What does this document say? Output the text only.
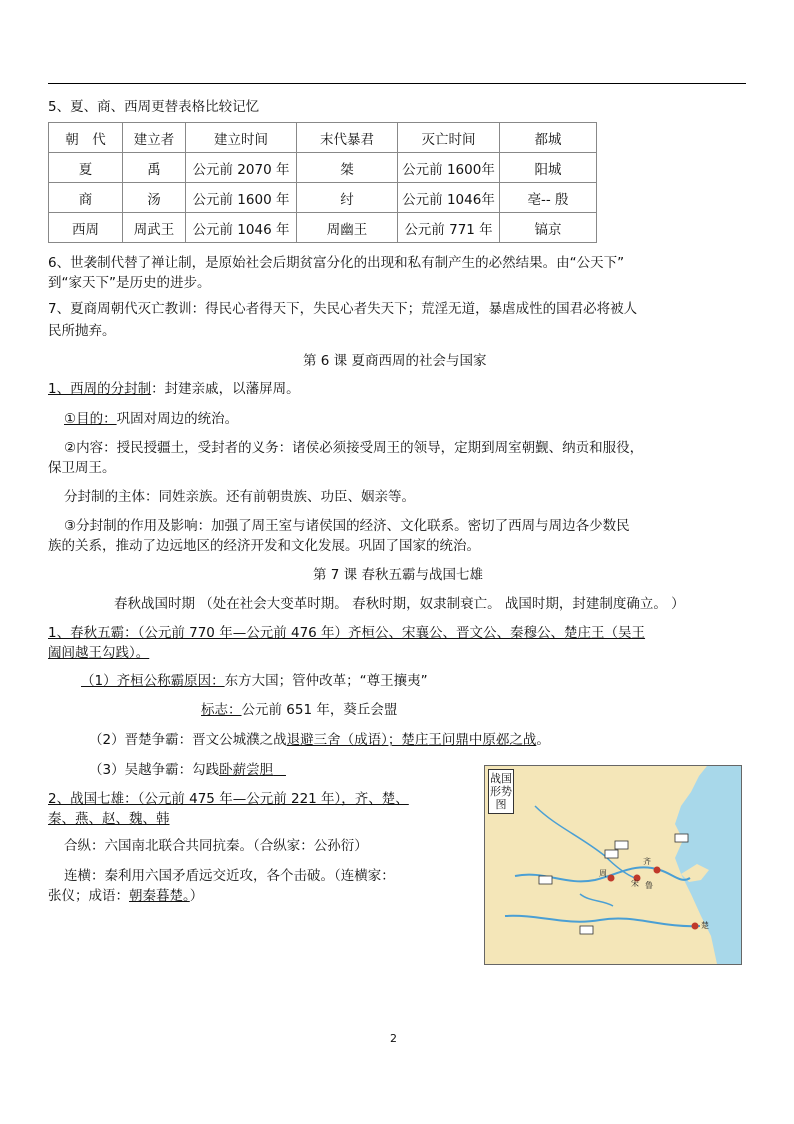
5、夏、商、西周更替表格比较记忆
朝　代	建立者	建立时间	末代暴君	灭亡时间	都城
夏	禹	公元前 2070 年	桀	公元前 1600年	阳城
商	汤	公元前 1600 年	纣	公元前 1046年	亳-- 殷
西周	周武王	公元前 1046 年	周幽王	公元前 771 年	镐京
6、世袭制代替了禅让制，是原始社会后期贫富分化的出现和私有制产生的必然结果。由“公天下”
到“家天下”是历史的进步。
7、夏商周朝代灭亡教训：得民心者得天下，失民心者失天下；荒淫无道，暴虐成性的国君必将被人
民所抛弃。
第 6 课 夏商西周的社会与国家
1、西周的分封制：封建亲戚，以藩屏周。
①目的：巩固对周边的统治。
②内容：授民授疆土，受封者的义务：诸侯必须接受周王的领导，定期到周室朝觐、纳贡和服役，
保卫周王。
分封制的主体：同姓亲族。还有前朝贵族、功臣、姻亲等。
③分封制的作用及影响：加强了周王室与诸侯国的经济、文化联系。密切了西周与周边各少数民
族的关系，推动了边远地区的经济开发和文化发展。巩固了国家的统治。
第 7 课 春秋五霸与战国七雄
春秋战国时期 （处在社会大变革时期。 春秋时期，奴隶制衰亡。 战国时期，封建制度确立。 ）
1、春秋五霸：（公元前 770 年—公元前 476 年）齐桓公、宋襄公、晋文公、秦穆公、楚庄王（吴王
阖闾越王勾践）。
（1）齐桓公称霸原因：东方大国；管仲改革；“尊王攘夷”
标志：公元前 651 年，葵丘会盟
（2）晋楚争霸：晋文公城濮之战退避三舍（成语）；楚庄王问鼎中原邲之战。
（3）吴越争霸：勾践卧薪尝胆
2、战国七雄：（公元前 475 年—公元前 221 年），齐、楚、
秦、燕、赵、魏、韩
合纵：六国南北联合共同抗秦。（合纵家：公孙衍）
连横：秦利用六国矛盾远交近攻，各个击破。（连横家：
张仪；成语：朝秦暮楚。）
齐
宋
周
鲁
楚
战国形势图
2
